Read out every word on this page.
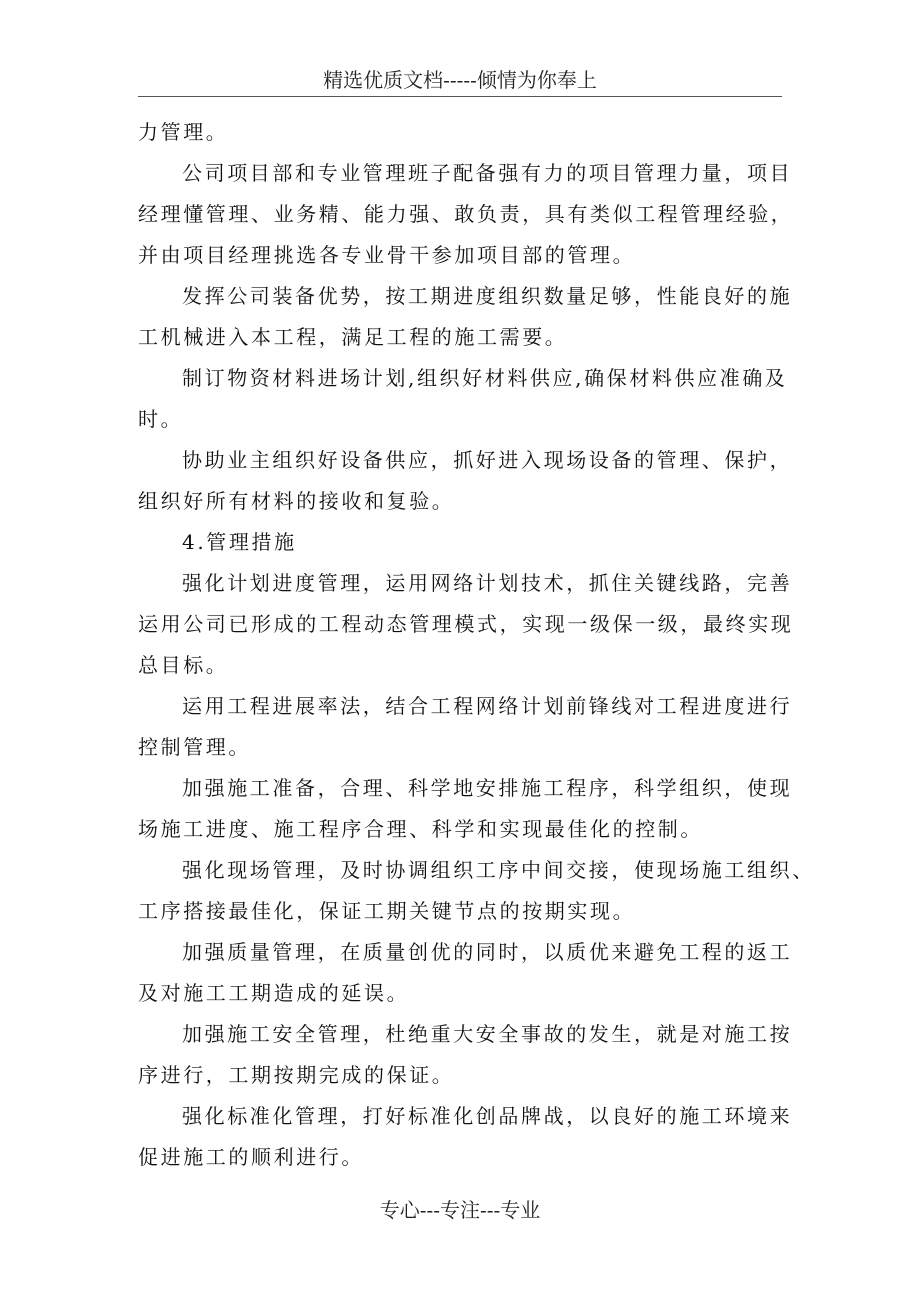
精选优质文档-----倾情为你奉上
力管理。
公司项目部和专业管理班子配备强有力的项目管理力量，项目
经理懂管理、业务精、能力强、敢负责，具有类似工程管理经验，
并由项目经理挑选各专业骨干参加项目部的管理。
发挥公司装备优势，按工期进度组织数量足够，性能良好的施
工机械进入本工程，满足工程的施工需要。
制订物资材料进场计划,组织好材料供应,确保材料供应准确及
时。
协助业主组织好设备供应，抓好进入现场设备的管理、保护，
组织好所有材料的接收和复验。
4.管理措施
强化计划进度管理，运用网络计划技术，抓住关键线路，完善
运用公司已形成的工程动态管理模式，实现一级保一级，最终实现
总目标。
运用工程进展率法，结合工程网络计划前锋线对工程进度进行
控制管理。
加强施工准备，合理、科学地安排施工程序，科学组织，使现
场施工进度、施工程序合理、科学和实现最佳化的控制。
强化现场管理，及时协调组织工序中间交接，使现场施工组织、
工序搭接最佳化，保证工期关键节点的按期实现。
加强质量管理，在质量创优的同时，以质优来避免工程的返工
及对施工工期造成的延误。
加强施工安全管理，杜绝重大安全事故的发生，就是对施工按
序进行，工期按期完成的保证。
强化标准化管理，打好标准化创品牌战，以良好的施工环境来
促进施工的顺利进行。
专心---专注---专业
